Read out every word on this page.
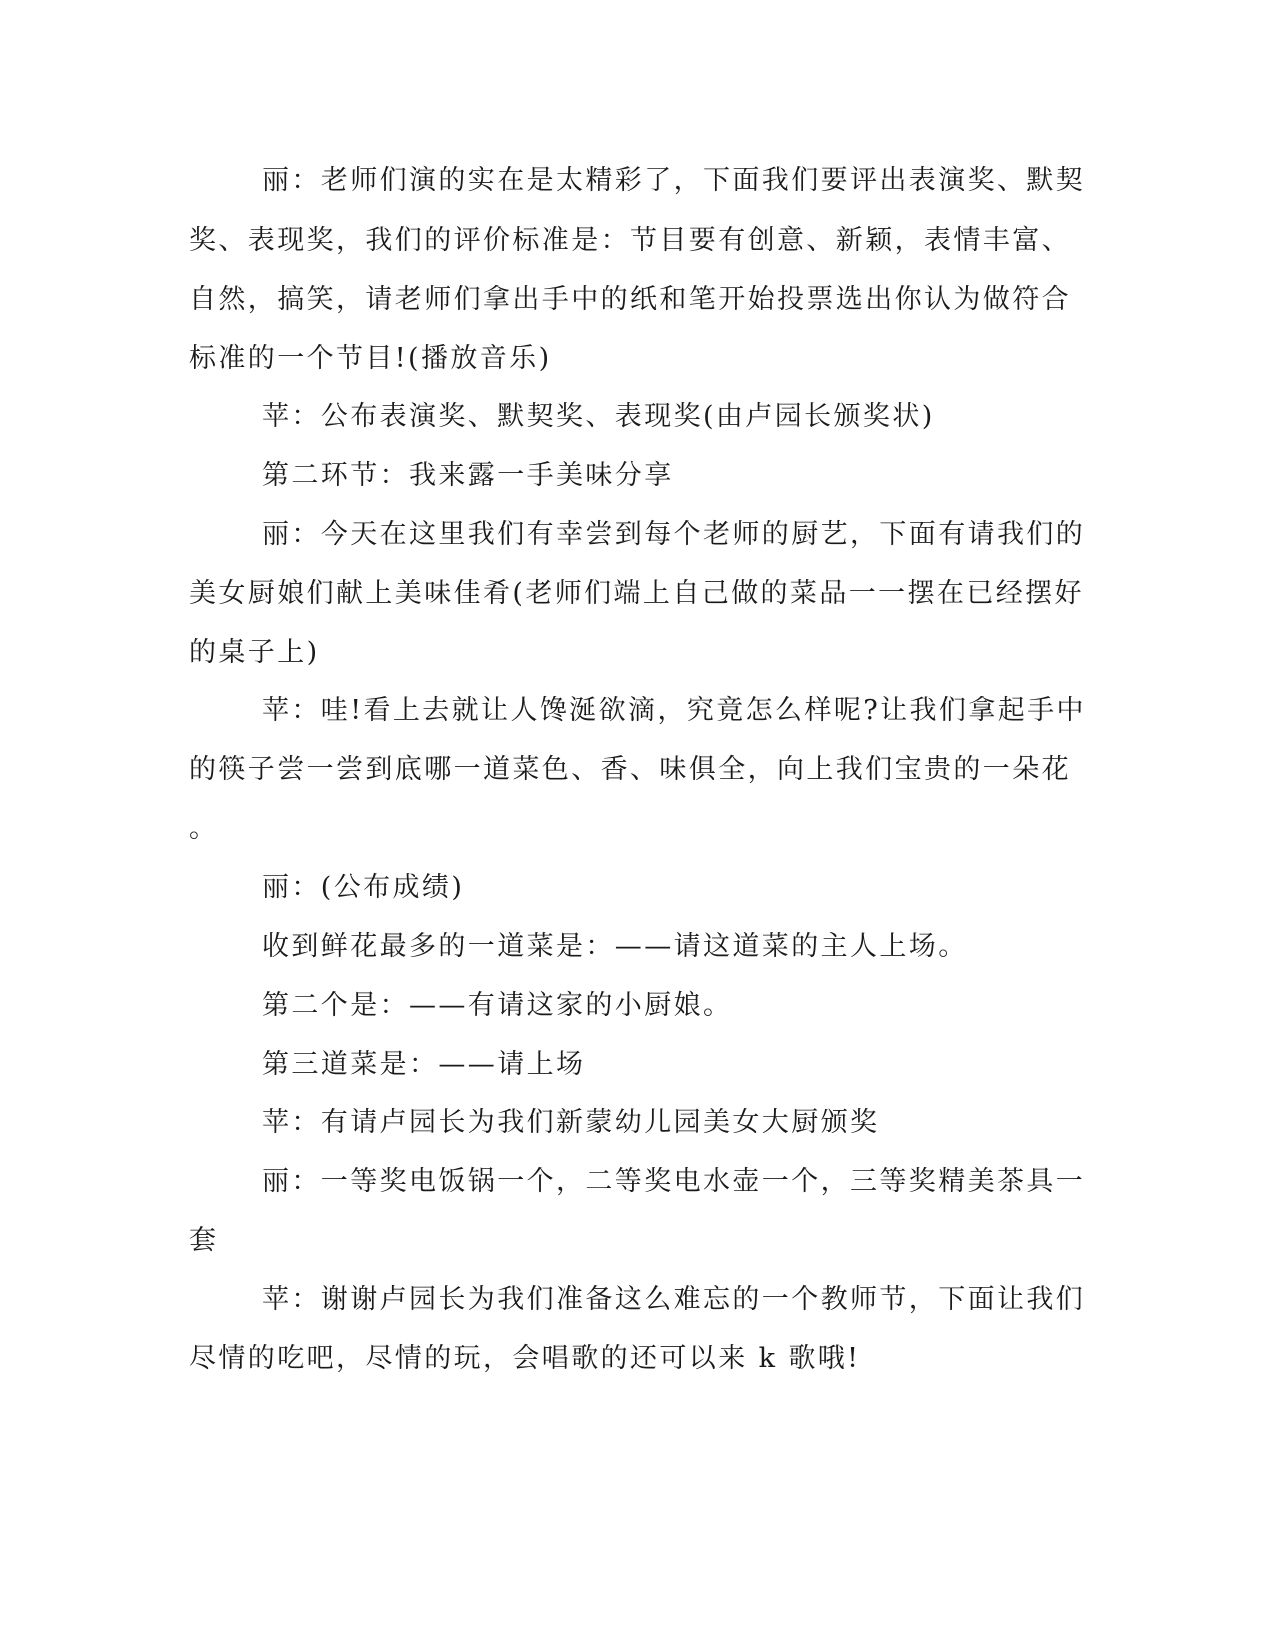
丽：老师们演的实在是太精彩了，下面我们要评出表演奖、默契
奖、表现奖，我们的评价标准是：节目要有创意、新颖，表情丰富、
自然，搞笑，请老师们拿出手中的纸和笔开始投票选出你认为做符合
标准的一个节目!(播放音乐)
苹：公布表演奖、默契奖、表现奖(由卢园长颁奖状)
第二环节：我来露一手美味分享
丽：今天在这里我们有幸尝到每个老师的厨艺，下面有请我们的
美女厨娘们献上美味佳肴(老师们端上自己做的菜品一一摆在已经摆好
的桌子上)
苹：哇!看上去就让人馋涎欲滴，究竟怎么样呢?让我们拿起手中
的筷子尝一尝到底哪一道菜色、香、味俱全，向上我们宝贵的一朵花
。
丽：(公布成绩)
收到鲜花最多的一道菜是：——请这道菜的主人上场。
第二个是：——有请这家的小厨娘。
第三道菜是：——请上场
苹：有请卢园长为我们新蒙幼儿园美女大厨颁奖
丽：一等奖电饭锅一个，二等奖电水壶一个，三等奖精美茶具一
套
苹：谢谢卢园长为我们准备这么难忘的一个教师节，下面让我们
尽情的吃吧，尽情的玩，会唱歌的还可以来 k 歌哦!
